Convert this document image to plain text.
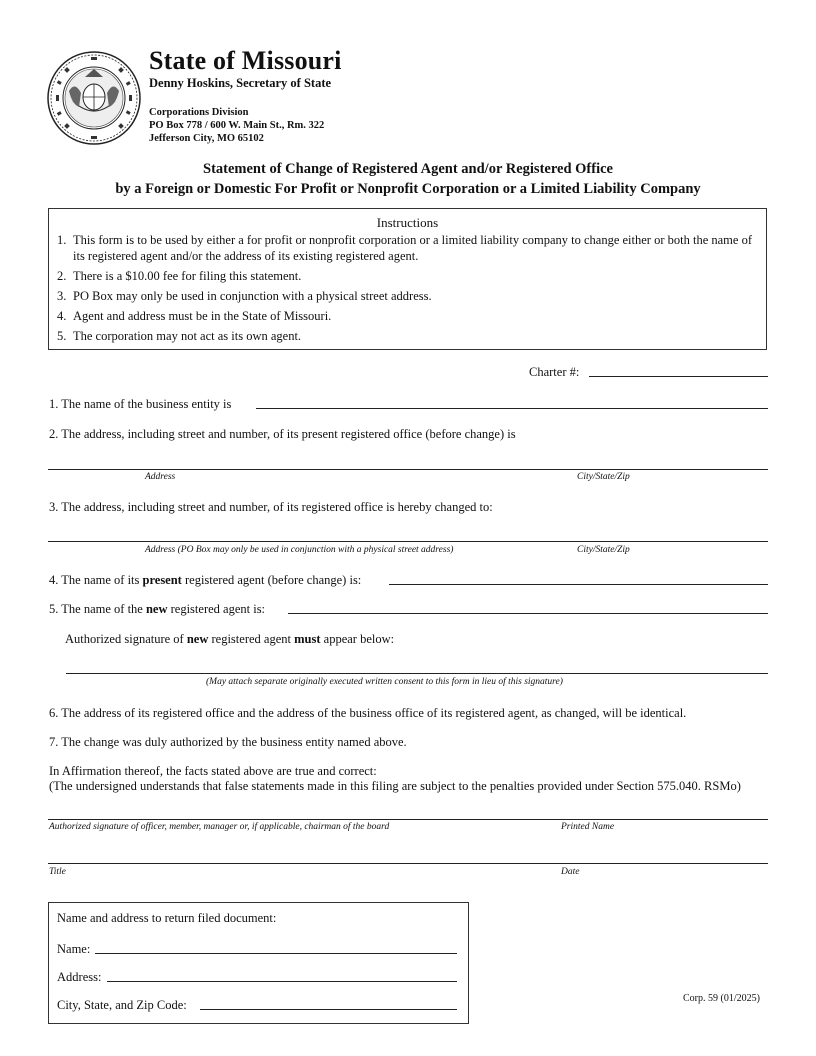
State of Missouri
Denny Hoskins, Secretary of State
Corporations Division
PO Box 778 / 600 W. Main St., Rm. 322
Jefferson City, MO 65102
Statement of Change of Registered Agent and/or Registered Office
by a Foreign or Domestic For Profit or Nonprofit Corporation or a Limited Liability Company
Instructions
1. This form is to be used by either a for profit or nonprofit corporation or a limited liability company to change either or both the name of its registered agent and/or the address of its existing registered agent.
2. There is a $10.00 fee for filing this statement.
3. PO Box may only be used in conjunction with a physical street address.
4. Agent and address must be in the State of Missouri.
5. The corporation may not act as its own agent.
Charter #:
1. The name of the business entity is
2. The address, including street and number, of its present registered office (before change) is
Address	City/State/Zip
3. The address, including street and number, of its registered office is hereby changed to:
Address (PO Box may only be used in conjunction with a physical street address)	City/State/Zip
4. The name of its present registered agent (before change) is:
5. The name of the new registered agent is:
Authorized signature of new registered agent must appear below:
(May attach separate originally executed written consent to this form in lieu of this signature)
6. The address of its registered office and the address of the business office of its registered agent, as changed, will be identical.
7. The change was duly authorized by the business entity named above.
In Affirmation thereof, the facts stated above are true and correct:
(The undersigned understands that false statements made in this filing are subject to the penalties provided under Section 575.040. RSMo)
Authorized signature of officer, member, manager or, if applicable, chairman of the board	Printed Name
Title	Date
Name and address to return filed document:
Name:
Address:
City, State, and Zip Code:	Corp. 59 (01/2025)
